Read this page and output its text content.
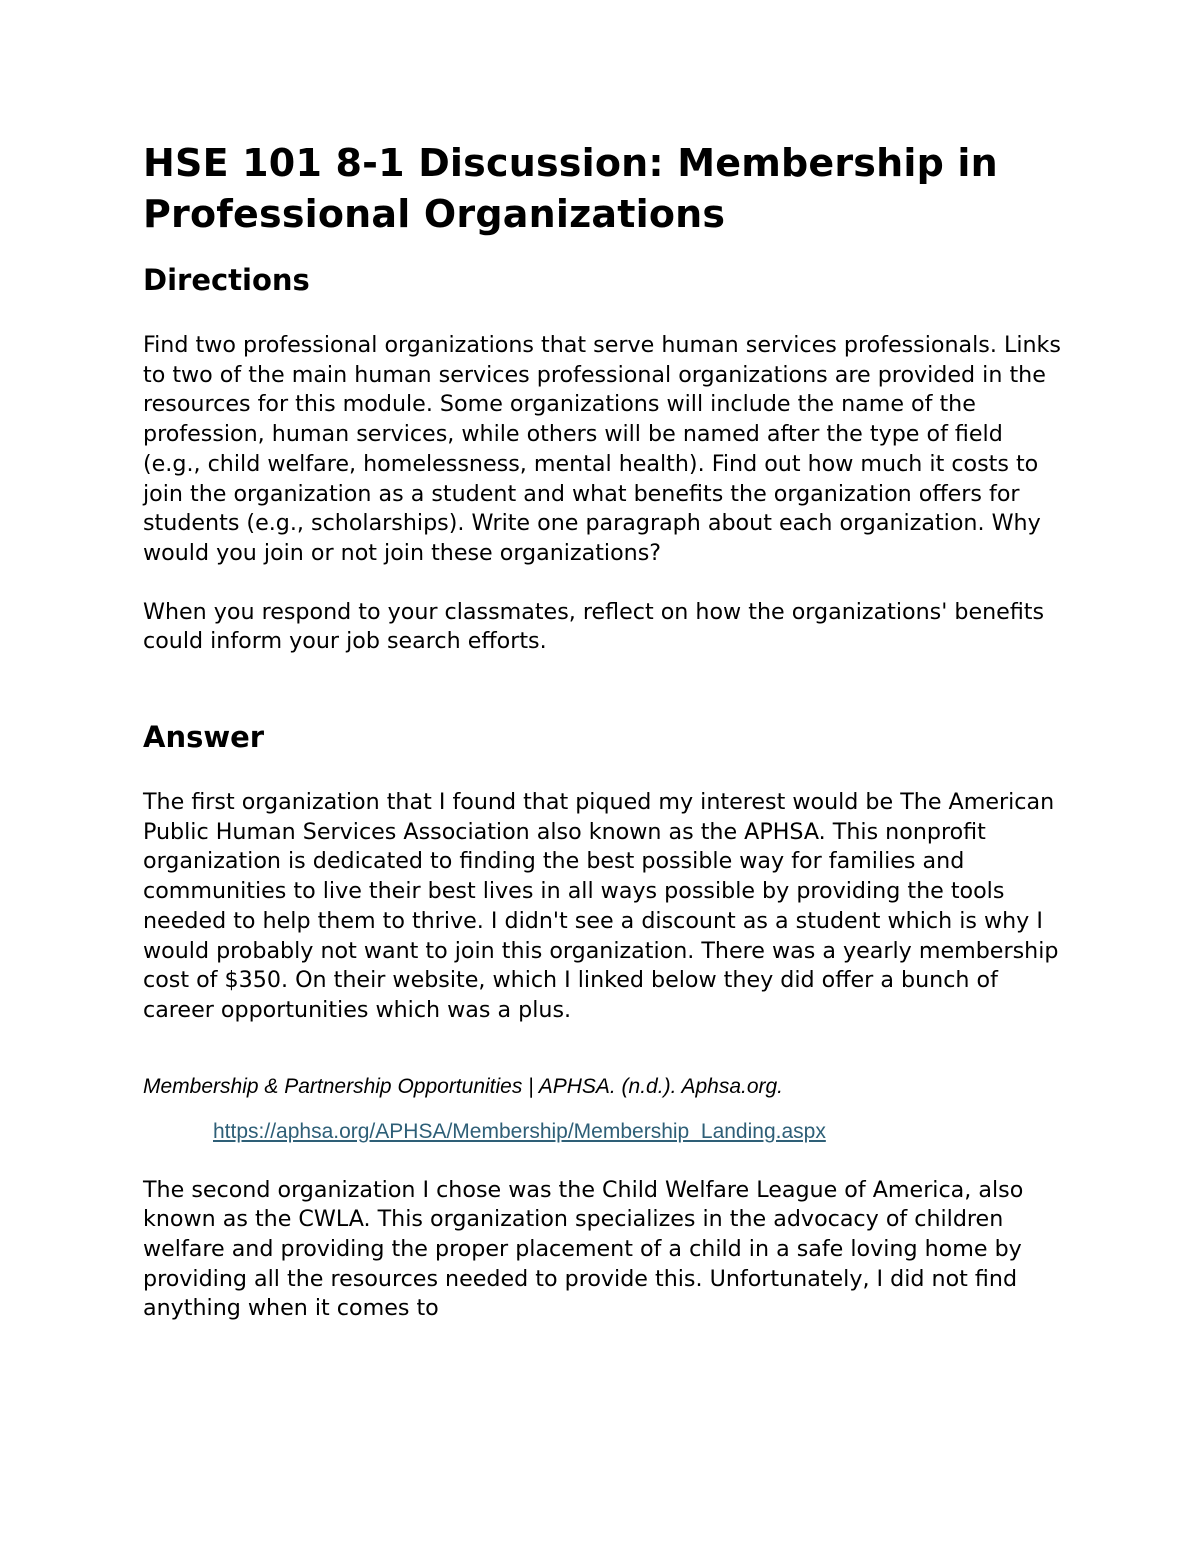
HSE 101 8-1 Discussion: Membership in Professional Organizations
Directions

Find two professional organizations that serve human services professionals. Links to two of the main human services professional organizations are provided in the resources for this module. Some organizations will include the name of the profession, human services, while others will be named after the type of field (e.g., child welfare, homelessness, mental health). Find out how much it costs to join the organization as a student and what benefits the organization offers for students (e.g., scholarships). Write one paragraph about each organization. Why would you join or not join these organizations?

When you respond to your classmates, reflect on how the organizations' benefits could inform your job search efforts.

Answer

The first organization that I found that piqued my interest would be The American Public Human Services Association also known as the APHSA. This nonprofit organization is dedicated to finding the best possible way for families and communities to live their best lives in all ways possible by providing the tools needed to help them to thrive. I didn't see a discount as a student which is why I would probably not want to join this organization. There was a yearly membership cost of $350. On their website, which I linked below they did offer a bunch of career opportunities which was a plus.

Membership & Partnership Opportunities | APHSA. (n.d.). Aphsa.org.

https://aphsa.org/APHSA/Membership/Membership_Landing.aspx

The second organization I chose was the Child Welfare League of America, also known as the CWLA. This organization specializes in the advocacy of children welfare and providing the proper placement of a child in a safe loving home by providing all the resources needed to provide this. Unfortunately, I did not find anything when it comes to
